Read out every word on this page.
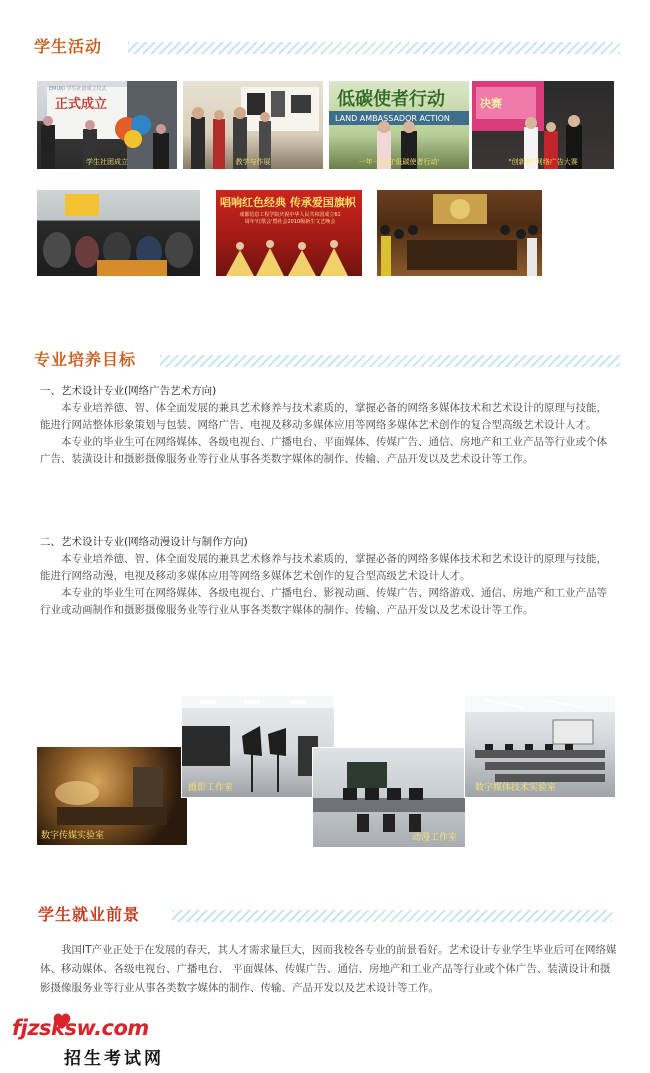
学生活动
正式成立
EMUKI 学生社团成立仪式
学生社团成立	教学与作展
低碳使者行动
LAND AMBASSADOR ACTION
一年一度的'低碳使者行动'
决赛
"创新杯"网络广告大赛
唱响红色经典 传承爱国旗帜
成都信息工程学院庆祝中华人民共和国成立61周年'红歌会'暨社会2010级新生文艺晚会
专业培养目标
一、艺术设计专业(网络广告艺术方向)

本专业培养德、智、体全面发展的兼具艺术修养与技术素质的，掌握必备的网络多媒体技术和艺术设计的原理与技能，能进行网站整体形象策划与包装、网络广告、电视及移动多媒体应用等网络多媒体艺术创作的复合型高级艺术设计人才。

本专业的毕业生可在网络媒体、各级电视台、广播电台、平面媒体、传媒广告、通信、房地产和工业产品等行业或个体广告、装潢设计和摄影摄像服务业等行业从事各类数字媒体的制作、传输、产品开发以及艺术设计等工作。

二、艺术设计专业(网络动漫设计与制作方向)

本专业培养德、智、体全面发展的兼具艺术修养与技术素质的，掌握必备的网络多媒体技术和艺术设计的原理与技能，能进行网络动漫，电视及移动多媒体应用等网络多媒体艺术创作的复合型高级艺术设计人才。

本专业的毕业生可在网络媒体、各级电视台、广播电台、影视动画、传媒广告、网络游戏、通信、房地产和工业产品等行业或动画制作和摄影摄像服务业等行业从事各类数字媒体的制作、传输、产品开发以及艺术设计等工作。

数字传媒实验室
摄影工作室
动漫工作室
数字媒体技术实验室
学生就业前景

我国IT产业正处于在发展的春天，其人才需求量巨大，因而我校各专业的前景看好。艺术设计专业学生毕业后可在网络媒体、移动媒体、各级电视台、广播电台、 平面媒体、传媒广告、通信、房地产和工业产品等行业或个体广告、装潢设计和摄影摄像服务业等行业从事各类数字媒体的制作、传输、产品开发以及艺术设计等工作。

fjzsksw.com
招生考试网
